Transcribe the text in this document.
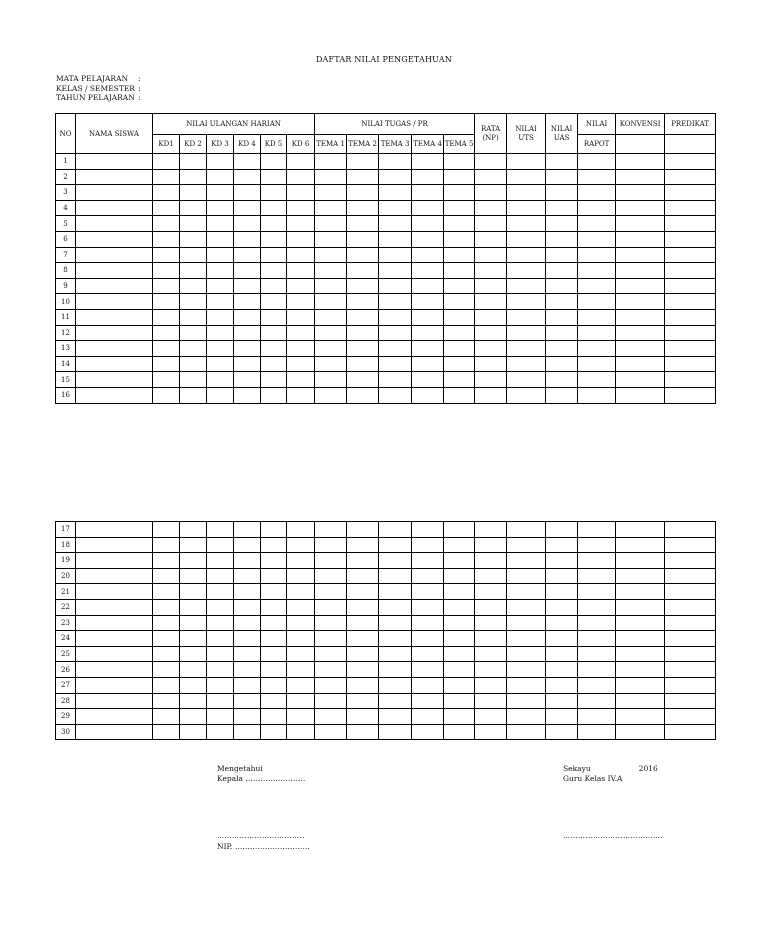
DAFTAR NILAI PENGETAHUAN
MATA PELAJARAN	:
KELAS / SEMESTER :
TAHUN PELAJARAN :
NO	NAMA SISWA	NILAI ULANGAN HARIAN						NILAI TUGAS / PR					RATA (NP)	NILAI UTS	NILAI UAS	NILAI	KONVENSI	PREDIKAT
		KD1	KD 2	KD 3	KD 4	KD 5	KD 6	TEMA 1	TEMA 2	TEMA 3	TEMA 4	TEMA 5				RAPOT		
1																		
2																		
3																		
4																		
5																		
6																		
7																		
8																		
9																		
10																		
11																		
12																		
13																		
14																		
15																		
16																		
17																		
18																		
19																		
20																		
21																		
22																		
23																		
24																		
25																		
26																		
27																		
28																		
29																		
30																		
Mengetahui
Kepala ……………………
……………………………..
NIP. …………………………
Sekayu	2016
Guru Kelas IV.A
………………………………….
